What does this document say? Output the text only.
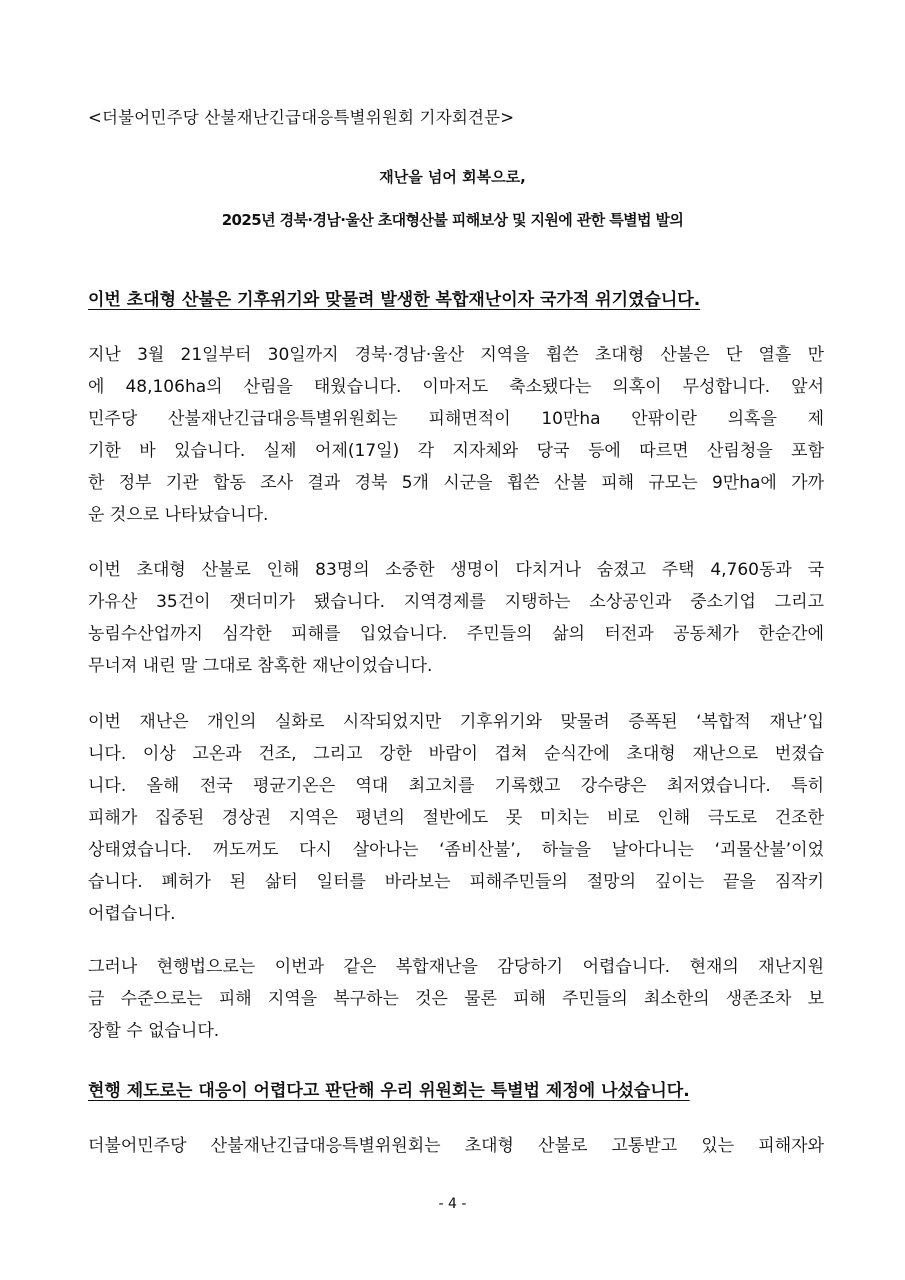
<더불어민주당 산불재난긴급대응특별위원회 기자회견문>
재난을 넘어 회복으로,
2025년 경북·경남·울산 초대형산불 피해보상 및 지원에 관한 특별법 발의
이번 초대형 산불은 기후위기와 맞물려 발생한 복합재난이자 국가적 위기였습니다.
지난 3월 21일부터 30일까지 경북·경남·울산 지역을 휩쓴 초대형 산불은 단 열흘 만
에 48,106ha의 산림을 태웠습니다. 이마저도 축소됐다는 의혹이 무성합니다. 앞서
민주당 산불재난긴급대응특별위원회는 피해면적이 10만ha 안팎이란 의혹을 제
기한 바 있습니다. 실제 어제(17일) 각 지자체와 당국 등에 따르면 산림청을 포함
한 정부 기관 합동 조사 결과 경북 5개 시군을 휩쓴 산불 피해 규모는 9만ha에 가까
운 것으로 나타났습니다.
이번 초대형 산불로 인해 83명의 소중한 생명이 다치거나 숨졌고 주택 4,760동과 국
가유산 35건이 잿더미가 됐습니다. 지역경제를 지탱하는 소상공인과 중소기업 그리고
농림수산업까지 심각한 피해를 입었습니다. 주민들의 삶의 터전과 공동체가 한순간에
무너져 내린 말 그대로 참혹한 재난이었습니다.
이번 재난은 개인의 실화로 시작되었지만 기후위기와 맞물려 증폭된 ‘복합적 재난’입
니다. 이상 고온과 건조, 그리고 강한 바람이 겹쳐 순식간에 초대형 재난으로 번졌습
니다. 올해 전국 평균기온은 역대 최고치를 기록했고 강수량은 최저였습니다. 특히
피해가 집중된 경상권 지역은 평년의 절반에도 못 미치는 비로 인해 극도로 건조한
상태였습니다. 꺼도꺼도 다시 살아나는 ‘좀비산불’, 하늘을 날아다니는 ‘괴물산불’이었
습니다. 폐허가 된 삶터 일터를 바라보는 피해주민들의 절망의 깊이는 끝을 짐작키
어렵습니다.
그러나 현행법으로는 이번과 같은 복합재난을 감당하기 어렵습니다. 현재의 재난지원
금 수준으로는 피해 지역을 복구하는 것은 물론 피해 주민들의 최소한의 생존조차 보
장할 수 없습니다.
현행 제도로는 대응이 어렵다고 판단해 우리 위원회는 특별법 제정에 나섰습니다.
더불어민주당 산불재난긴급대응특별위원회는 초대형 산불로 고통받고 있는 피해자와
- 4 -
